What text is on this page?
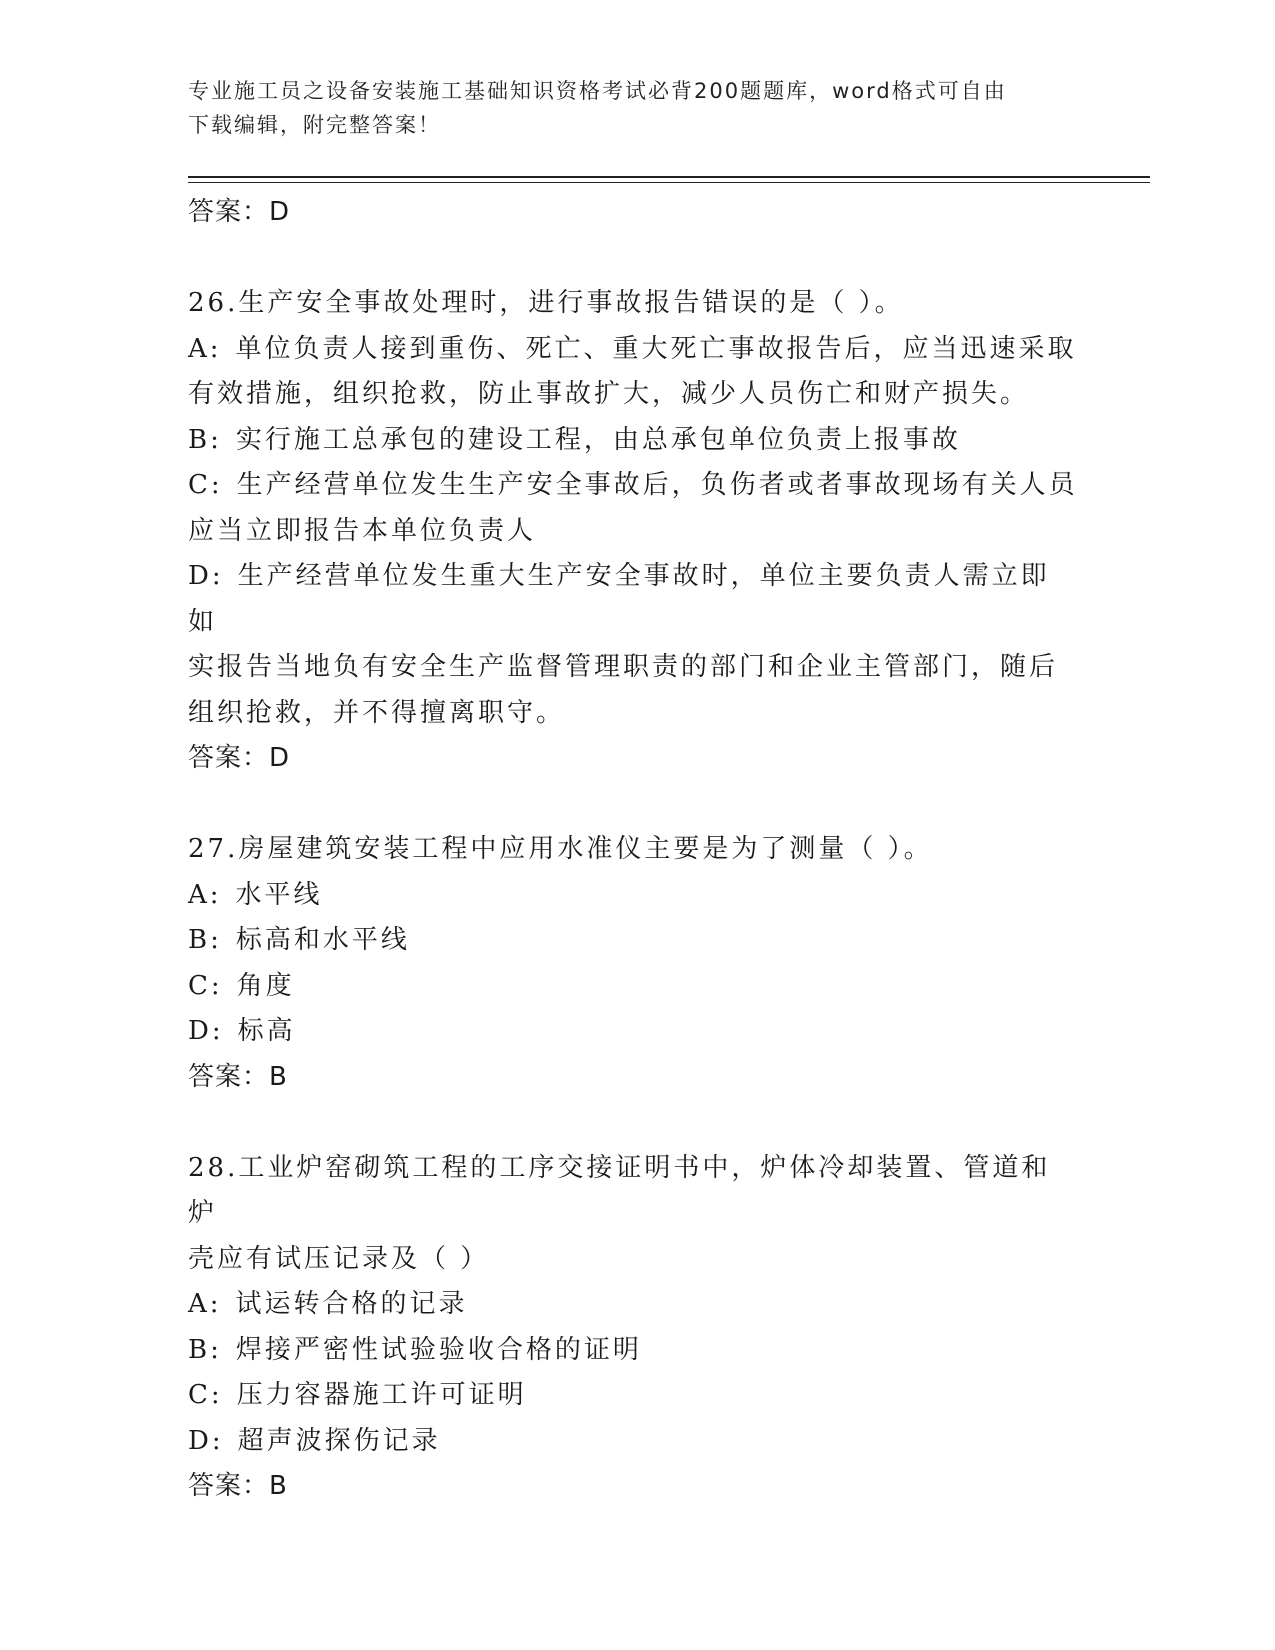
专业施工员之设备安装施工基础知识资格考试必背200题题库，word格式可自由
下载编辑，附完整答案！

答案：D

26.生产安全事故处理时，进行事故报告错误的是（ ）。

A: 单位负责人接到重伤、死亡、重大死亡事故报告后，应当迅速采取

有效措施，组织抢救，防止事故扩大，减少人员伤亡和财产损失。

B: 实行施工总承包的建设工程，由总承包单位负责上报事故

C: 生产经营单位发生生产安全事故后，负伤者或者事故现场有关人员

应当立即报告本单位负责人

D: 生产经营单位发生重大生产安全事故时，单位主要负责人需立即如

实报告当地负有安全生产监督管理职责的部门和企业主管部门，随后

组织抢救，并不得擅离职守。

答案：D

27.房屋建筑安装工程中应用水准仪主要是为了测量（ ）。

A: 水平线

B: 标高和水平线

C: 角度

D: 标高

答案：B

28.工业炉窑砌筑工程的工序交接证明书中，炉体冷却装置、管道和炉

壳应有试压记录及（ ）

A: 试运转合格的记录

B: 焊接严密性试验验收合格的证明

C: 压力容器施工许可证明

D: 超声波探伤记录

答案：B
